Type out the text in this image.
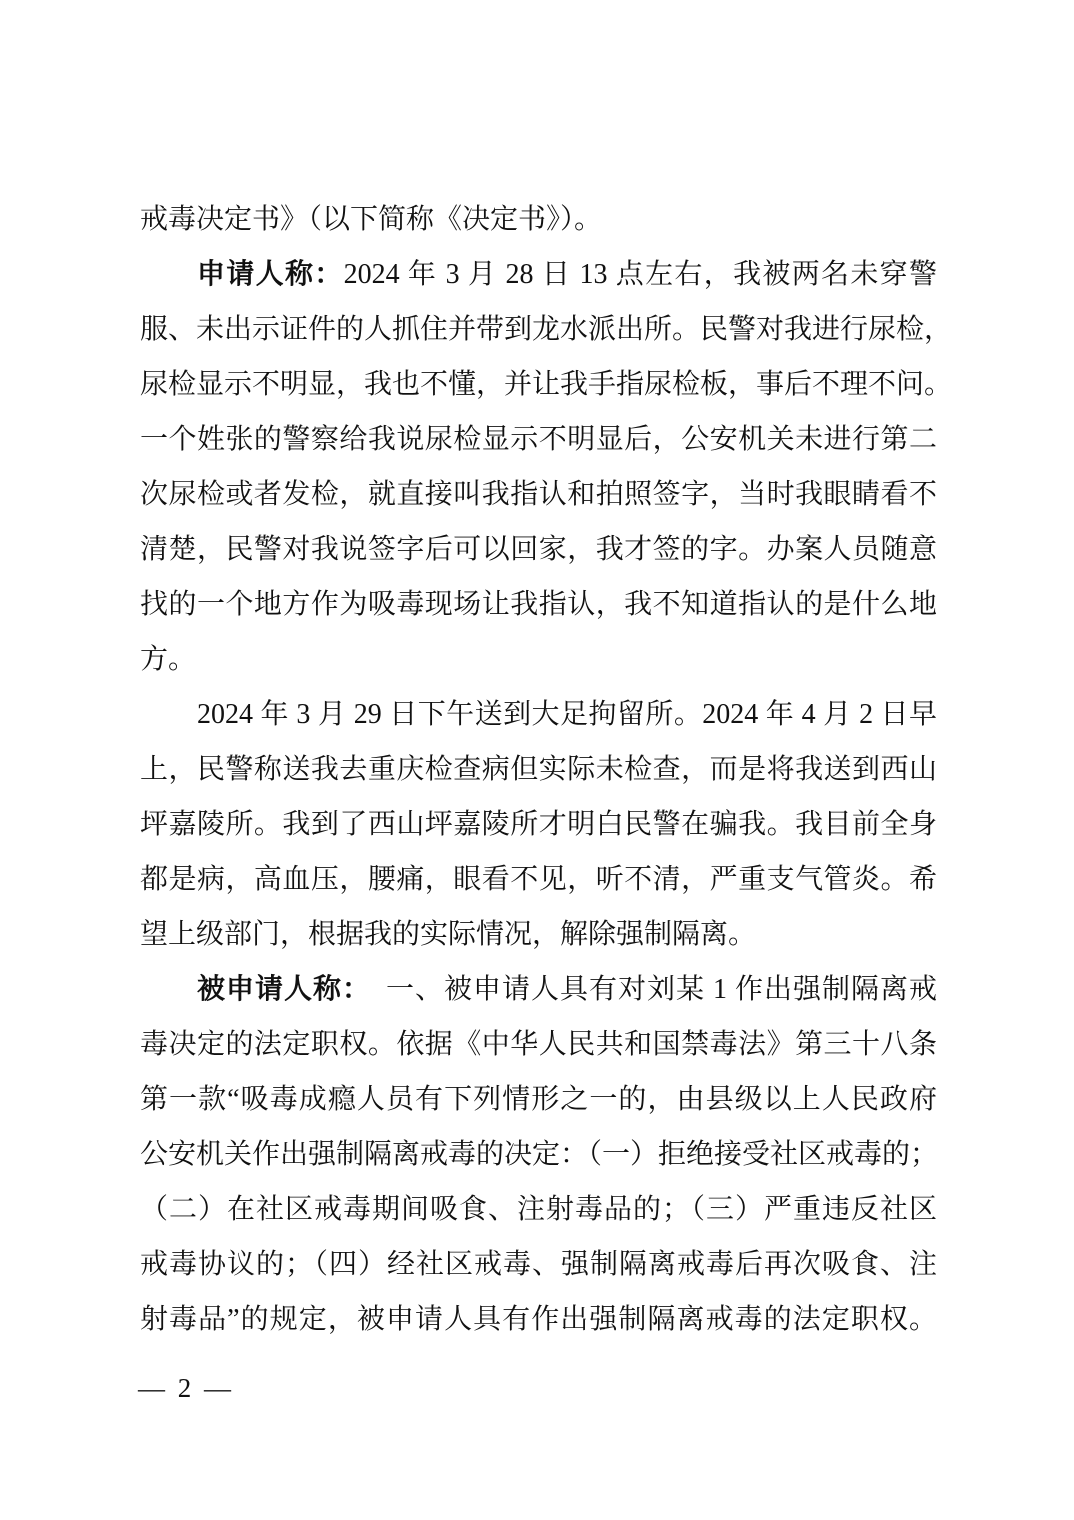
戒毒决定书》（以下简称《决定书》）。
申请人称：2024 年 3 月 28 日 13 点左右，我被两名未穿警
服、未出示证件的人抓住并带到龙水派出所。民警对我进行尿检，
尿检显示不明显，我也不懂，并让我手指尿检板，事后不理不问。
一个姓张的警察给我说尿检显示不明显后，公安机关未进行第二
次尿检或者发检，就直接叫我指认和拍照签字，当时我眼睛看不
清楚，民警对我说签字后可以回家，我才签的字。办案人员随意
找的一个地方作为吸毒现场让我指认，我不知道指认的是什么地
方。
2024 年 3 月 29 日下午送到大足拘留所。2024 年 4 月 2 日早
上，民警称送我去重庆检查病但实际未检查，而是将我送到西山
坪嘉陵所。我到了西山坪嘉陵所才明白民警在骗我。我目前全身
都是病，高血压，腰痛，眼看不见，听不清，严重支气管炎。希
望上级部门，根据我的实际情况，解除强制隔离。
被申请人称：　一、被申请人具有对刘某 1 作出强制隔离戒
毒决定的法定职权。依据《中华人民共和国禁毒法》第三十八条
第一款“吸毒成瘾人员有下列情形之一的，由县级以上人民政府
公安机关作出强制隔离戒毒的决定：（一）拒绝接受社区戒毒的；
（二）在社区戒毒期间吸食、注射毒品的；（三）严重违反社区
戒毒协议的；（四）经社区戒毒、强制隔离戒毒后再次吸食、注
射毒品”的规定，被申请人具有作出强制隔离戒毒的法定职权。
— 2 —
